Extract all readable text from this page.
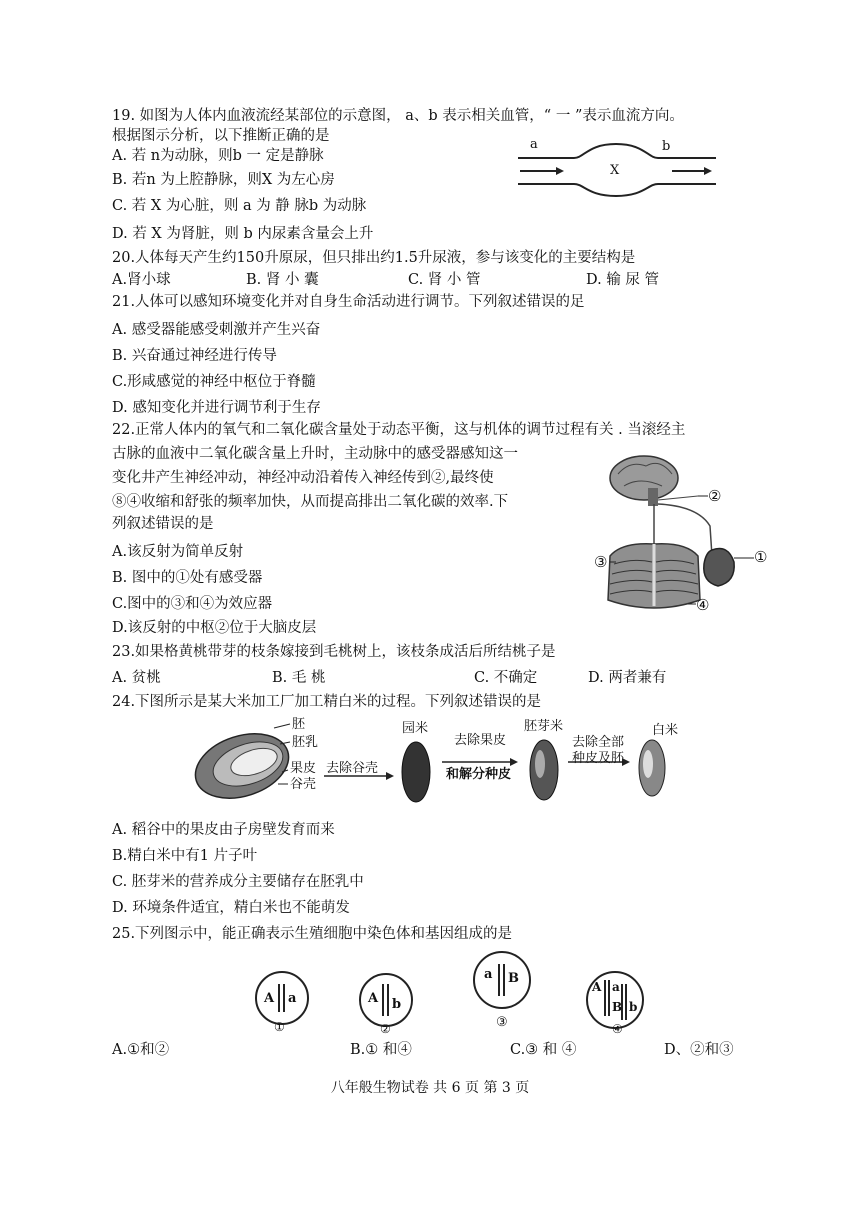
19. 如图为人体内血液流经某部位的示意图， a、b 表示相关血管，“ 一 ”表示血流方向。
根据图示分析，以下推断正确的是
A. 若 n为动脉，则b 一 定是静脉
B. 若n 为上腔静脉，则X 为左心房
C. 若 X 为心脏，则 a 为 静 脉b 为动脉
D. 若 X 为肾脏，则 b 内尿素含量会上升
a	b
X
20.人体每天产生约150升原尿，但只排出约1.5升尿液，参与该变化的主要结构是
A.肾小球	B. 肾 小 囊	C. 肾 小 管	D. 输 尿 管
21.人体可以感知环境变化并对自身生命活动进行调节。下列叙述错误的足
A. 感受器能感受刺激并产生兴奋
B. 兴奋通过神经进行传导
C.形咸感觉的神经中枢位于脊髓
D. 感知变化并进行调节利于生存
22.正常人体内的氧气和二氧化碳含量处于动态平衡，这与机体的调节过程有关 . 当滚经主
古脉的血液中二氧化碳含量上升时，主动脉中的感受器感知这一
变化井产生神经冲动，神经冲动沿着传入神经传到②,最终使
⑧④收缩和舒张的频率加快，从而提高排出二氧化碳的效率.下
列叙述错误的是
A.该反射为简单反射
B. 图中的①处有感受器
C.图中的③和④为效应器
D.该反射的中枢②位于大脑皮层
②
①
③
④
23.如果格黄桃带芽的枝条嫁接到毛桃树上，该枝条成活后所结桃子是
A. 贫桃	B. 毛 桃	C. 不确定	D. 两者兼有
24.下图所示是某大米加工厂加工精白米的过程。下列叙述错误的是
胚
胚乳
果皮 去除谷壳
谷壳
园米
去除果皮
和解分种皮
胚芽米
去除全部
种皮及胚
白米
A. 稻谷中的果皮由子房壁发育而来
B.精白米中有1 片子叶
C. 胚芽米的营养成分主要储存在胚乳中
D. 环境条件适宜，精白米也不能萌发
25.下列图示中，能正确表示生殖细胞中染色体和基因组成的是
A a
①
A b
②
a B
③
A a
B b
④
A.①和②	B.① 和④	C.③ 和 ④	D、②和③
八年般生物试卷 共 6 页 第 3 页
